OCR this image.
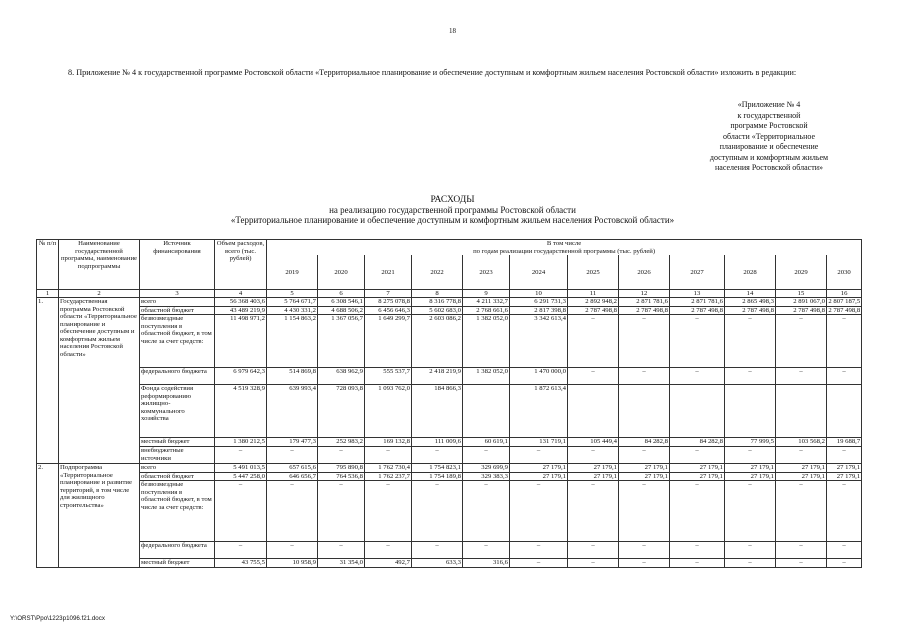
18
8. Приложение № 4 к государственной программе Ростовской области «Территориальное планирование и обеспечение доступным и комфортным жильем населения Ростовской области» изложить в редакции:
«Приложение № 4
к государственной
программе Ростовской
области «Территориальное
планирование и обеспечение
доступным и комфортным жильем
населения Ростовской области»
РАСХОДЫ
на реализацию государственной программы Ростовской области
«Территориальное планирование и обеспечение доступным и комфортным жильем населения Ростовской области»
№ п/п	Наименование государственной программы, наименование подпрограммы	Источник финансирования	Объем расходов, всего (тыс. рублей)	В том числе
по годам реализации государственной программы (тыс. рублей)											

				2019	2020	2021	2022	2023	2024	2025	2026	2027	2028	2029	2030
1	2	3	4	5	6	7	8	9	10	11	12	13	14	15	16
1.	Государственная программа Ростовской области «Территориальное планирование и обеспечение доступным и комфортным жильем населения Ростовской области»	всего	56 368 403,6	5 764 671,7	6 308 546,1	8 275 078,8	8 316 778,8	4 211 332,7	6 291 731,3	2 892 948,2	2 871 781,6	2 871 781,6	2 865 498,3	2 891 067,0	2 807 187,5
		областной бюджет	43 489 219,9	4 430 331,2	4 688 506,2	6 456 646,3	5 602 683,0	2 768 661,6	2 817 398,8	2 787 498,8	2 787 498,8	2 787 498,8	2 787 498,8	2 787 498,8	2 787 498,8
		безвозмездные поступления в областной бюджет, в том числе за счет средств:	11 498 971,2	1 154 863,2	1 367 056,7	1 649 299,7	2 603 086,2	1 382 052,0	3 342 613,4	–	–	–	–	–	–
		федерального бюджета	6 979 642,3	514 869,8	638 962,9	555 537,7	2 418 219,9	1 382 052,0	1 470 000,0	–	–	–	–	–	–
		Фонда содействия реформированию жилищно-коммунального хозяйства	4 519 328,9	639 993,4	728 093,8	1 093 762,0	184 866,3		1 872 613,4						
		местный бюджет	1 380 212,5	179 477,3	252 983,2	169 132,8	111 009,6	60 619,1	131 719,1	105 449,4	84 282,8	84 282,8	77 999,5	103 568,2	19 688,7
		внебюджетные источники	–	–	–	–	–	–	–	–	–	–	–	–	–
2.	Подпрограмма «Территориальное планирование и развитие территорий, в том числе для жилищного строительства»	всего	5 491 013,5	657 615,6	795 890,8	1 762 730,4	1 754 823,1	329 699,9	27 179,1	27 179,1	27 179,1	27 179,1	27 179,1	27 179,1	27 179,1
		областной бюджет	5 447 258,0	646 656,7	764 536,8	1 762 237,7	1 754 189,8	329 383,3	27 179,1	27 179,1	27 179,1	27 179,1	27 179,1	27 179,1	27 179,1
		безвозмездные поступления в областной бюджет, в том числе за счет средств:	–	–	–	–	–	–	–	–	–	–	–	–	–
		федерального бюджета	–	–	–	–	–	–	–	–	–	–	–	–	–
		местный бюджет	43 755,5	10 958,9	31 354,0	492,7	633,3	316,6	–	–	–	–	–	–	–
Y:\ORST\Ppo\1223p1096.f21.docx
